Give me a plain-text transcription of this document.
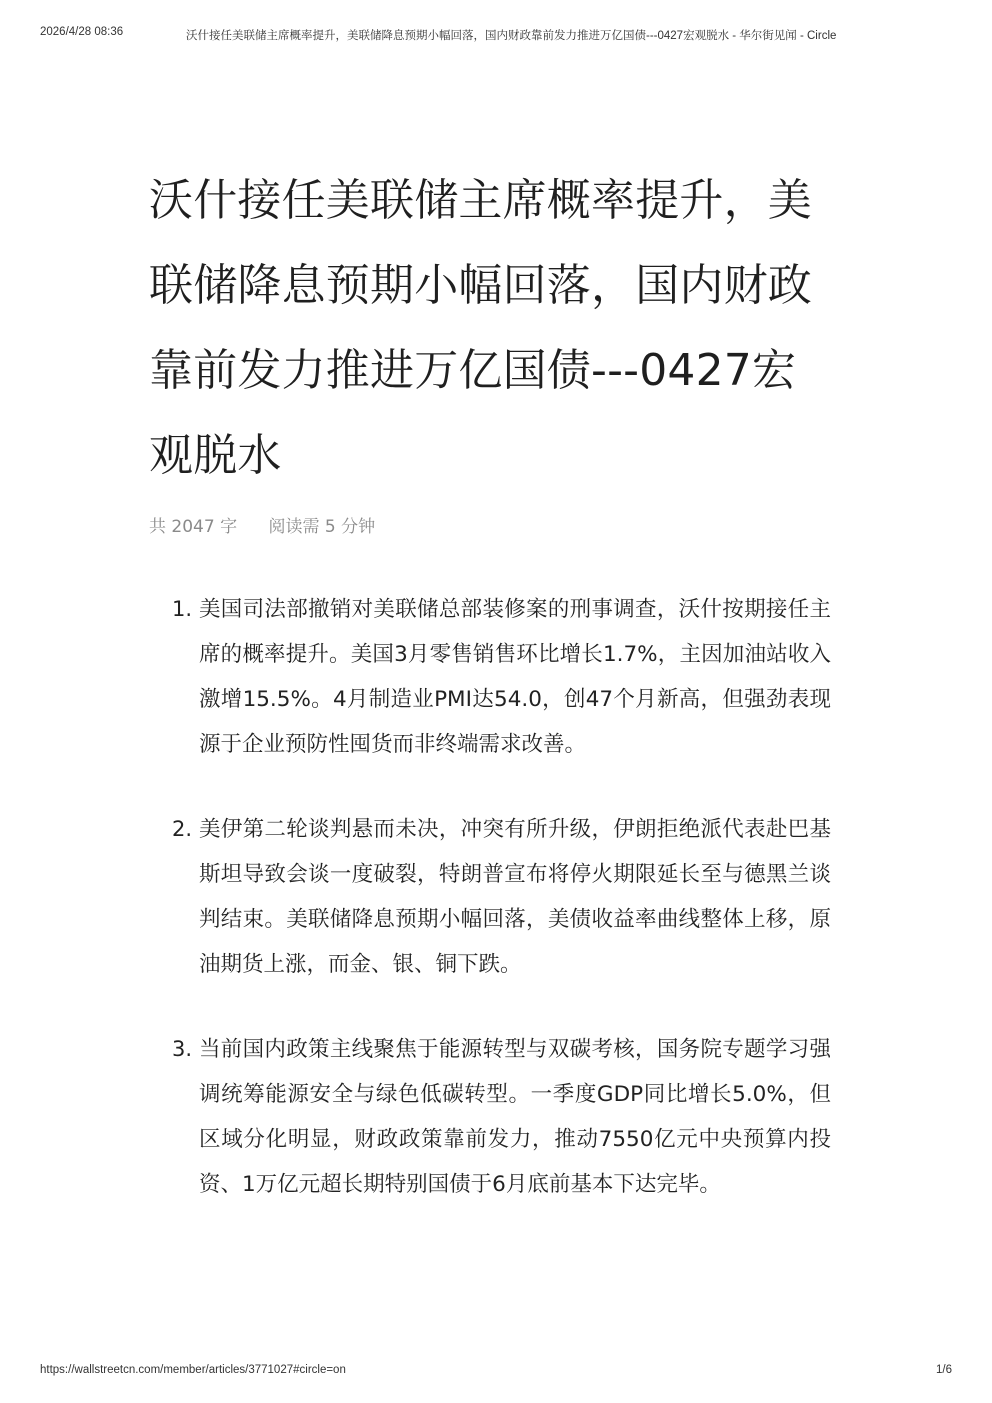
2026/4/28 08:36	沃什接任美联储主席概率提升，美联储降息预期小幅回落，国内财政靠前发力推进万亿国债---0427宏观脱水 - 华尔街见闻 - Circle
沃什接任美联储主席概率提升，美联储降息预期小幅回落，国内财政靠前发力推进万亿国债---0427宏观脱水
共 2047 字 阅读需 5 分钟
1. 美国司法部撤销对美联储总部装修案的刑事调查，沃什按期接任主席的概率提升。美国3月零售销售环比增长1.7%，主因加油站收入激增15.5%。4月制造业PMI达54.0，创47个月新高，但强劲表现源于企业预防性囤货而非终端需求改善。
2. 美伊第二轮谈判悬而未决，冲突有所升级，伊朗拒绝派代表赴巴基斯坦导致会谈一度破裂，特朗普宣布将停火期限延长至与德黑兰谈判结束。美联储降息预期小幅回落，美债收益率曲线整体上移，原油期货上涨，而金、银、铜下跌。
3. 当前国内政策主线聚焦于能源转型与双碳考核，国务院专题学习强调统筹能源安全与绿色低碳转型。一季度GDP同比增长5.0%，但区域分化明显，财政政策靠前发力，推动7550亿元中央预算内投资、1万亿元超长期特别国债于6月底前基本下达完毕。
https://wallstreetcn.com/member/articles/3771027#circle=on	1/6
